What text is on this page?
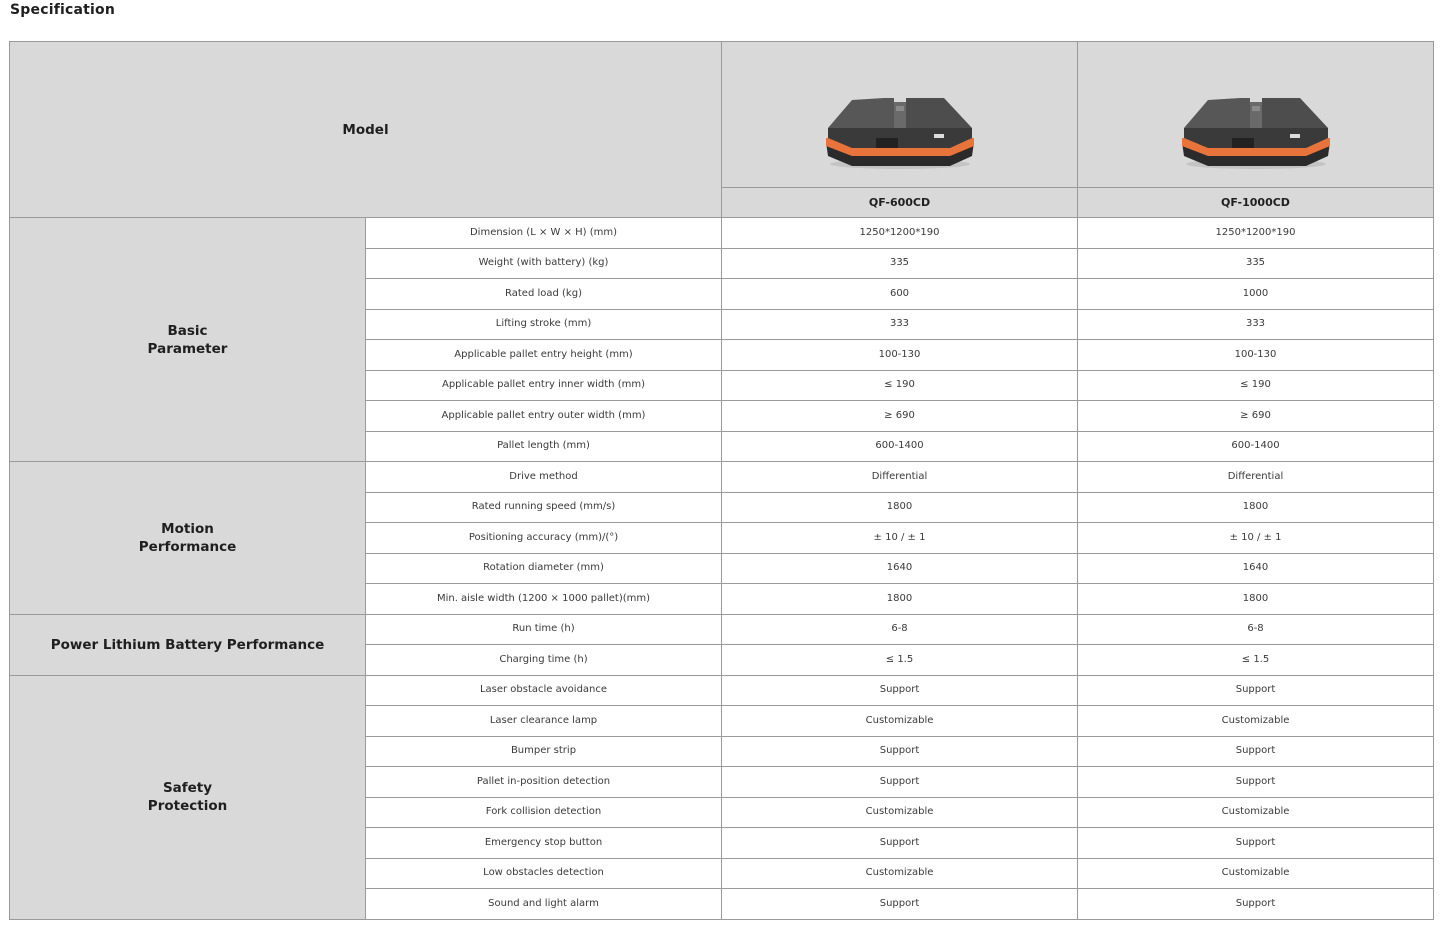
Specification
Model	

		QF-600CD	QF-1000CD

Basic
Parameter	Dimension (L × W × H) (mm)	1250*1200*190	1250*1200*190
	Weight (with battery) (kg)	335	335
	Rated load (kg)	600	1000
	Lifting stroke (mm)	333	333
	Applicable pallet entry height (mm)	100-130	100-130
	Applicable pallet entry inner width (mm)	≤ 190	≤ 190
	Applicable pallet entry outer width (mm)	≥ 690	≥ 690
	Pallet length (mm)	600-1400	600-1400

Motion
Performance	Drive method	Differential	Differential
	Rated running speed (mm/s)	1800	1800
	Positioning accuracy (mm)/(°)	± 10 / ± 1	± 10 / ± 1
	Rotation diameter (mm)	1640	1640
	Min. aisle width (1200 × 1000 pallet)(mm)	1800	1800

Power Lithium Battery Performance	Run time (h)	6-8	6-8
	Charging time (h)	≤ 1.5	≤ 1.5

Safety
Protection	Laser obstacle avoidance	Support	Support
	Laser clearance lamp	Customizable	Customizable
	Bumper strip	Support	Support
	Pallet in-position detection	Support	Support
	Fork collision detection	Customizable	Customizable
	Emergency stop button	Support	Support
	Low obstacles detection	Customizable	Customizable
	Sound and light alarm	Support	Support
